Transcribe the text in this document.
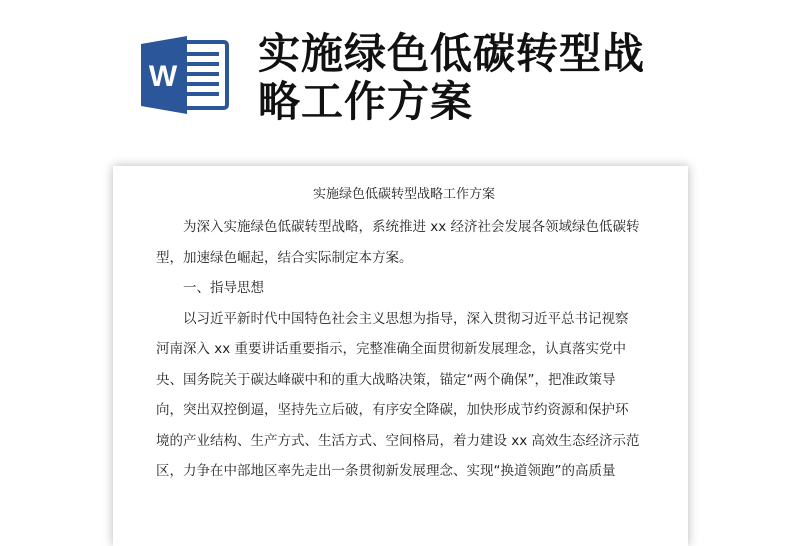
W 实施绿色低碳转型战
略工作方案
实施绿色低碳转型战略工作方案

为深入实施绿色低碳转型战略，系统推进 xx 经济社会发展各领域绿色低碳转
型，加速绿色崛起，结合实际制定本方案。

一、指导思想

以习近平新时代中国特色社会主义思想为指导，深入贯彻习近平总书记视察
河南深入 xx 重要讲话重要指示，完整准确全面贯彻新发展理念，认真落实党中
央、国务院关于碳达峰碳中和的重大战略决策，锚定“两个确保”，把准政策导
向，突出双控倒逼，坚持先立后破，有序安全降碳，加快形成节约资源和保护环
境的产业结构、生产方式、生活方式、空间格局，着力建设 xx 高效生态经济示范
区，力争在中部地区率先走出一条贯彻新发展理念、实现“换道领跑”的高质量
